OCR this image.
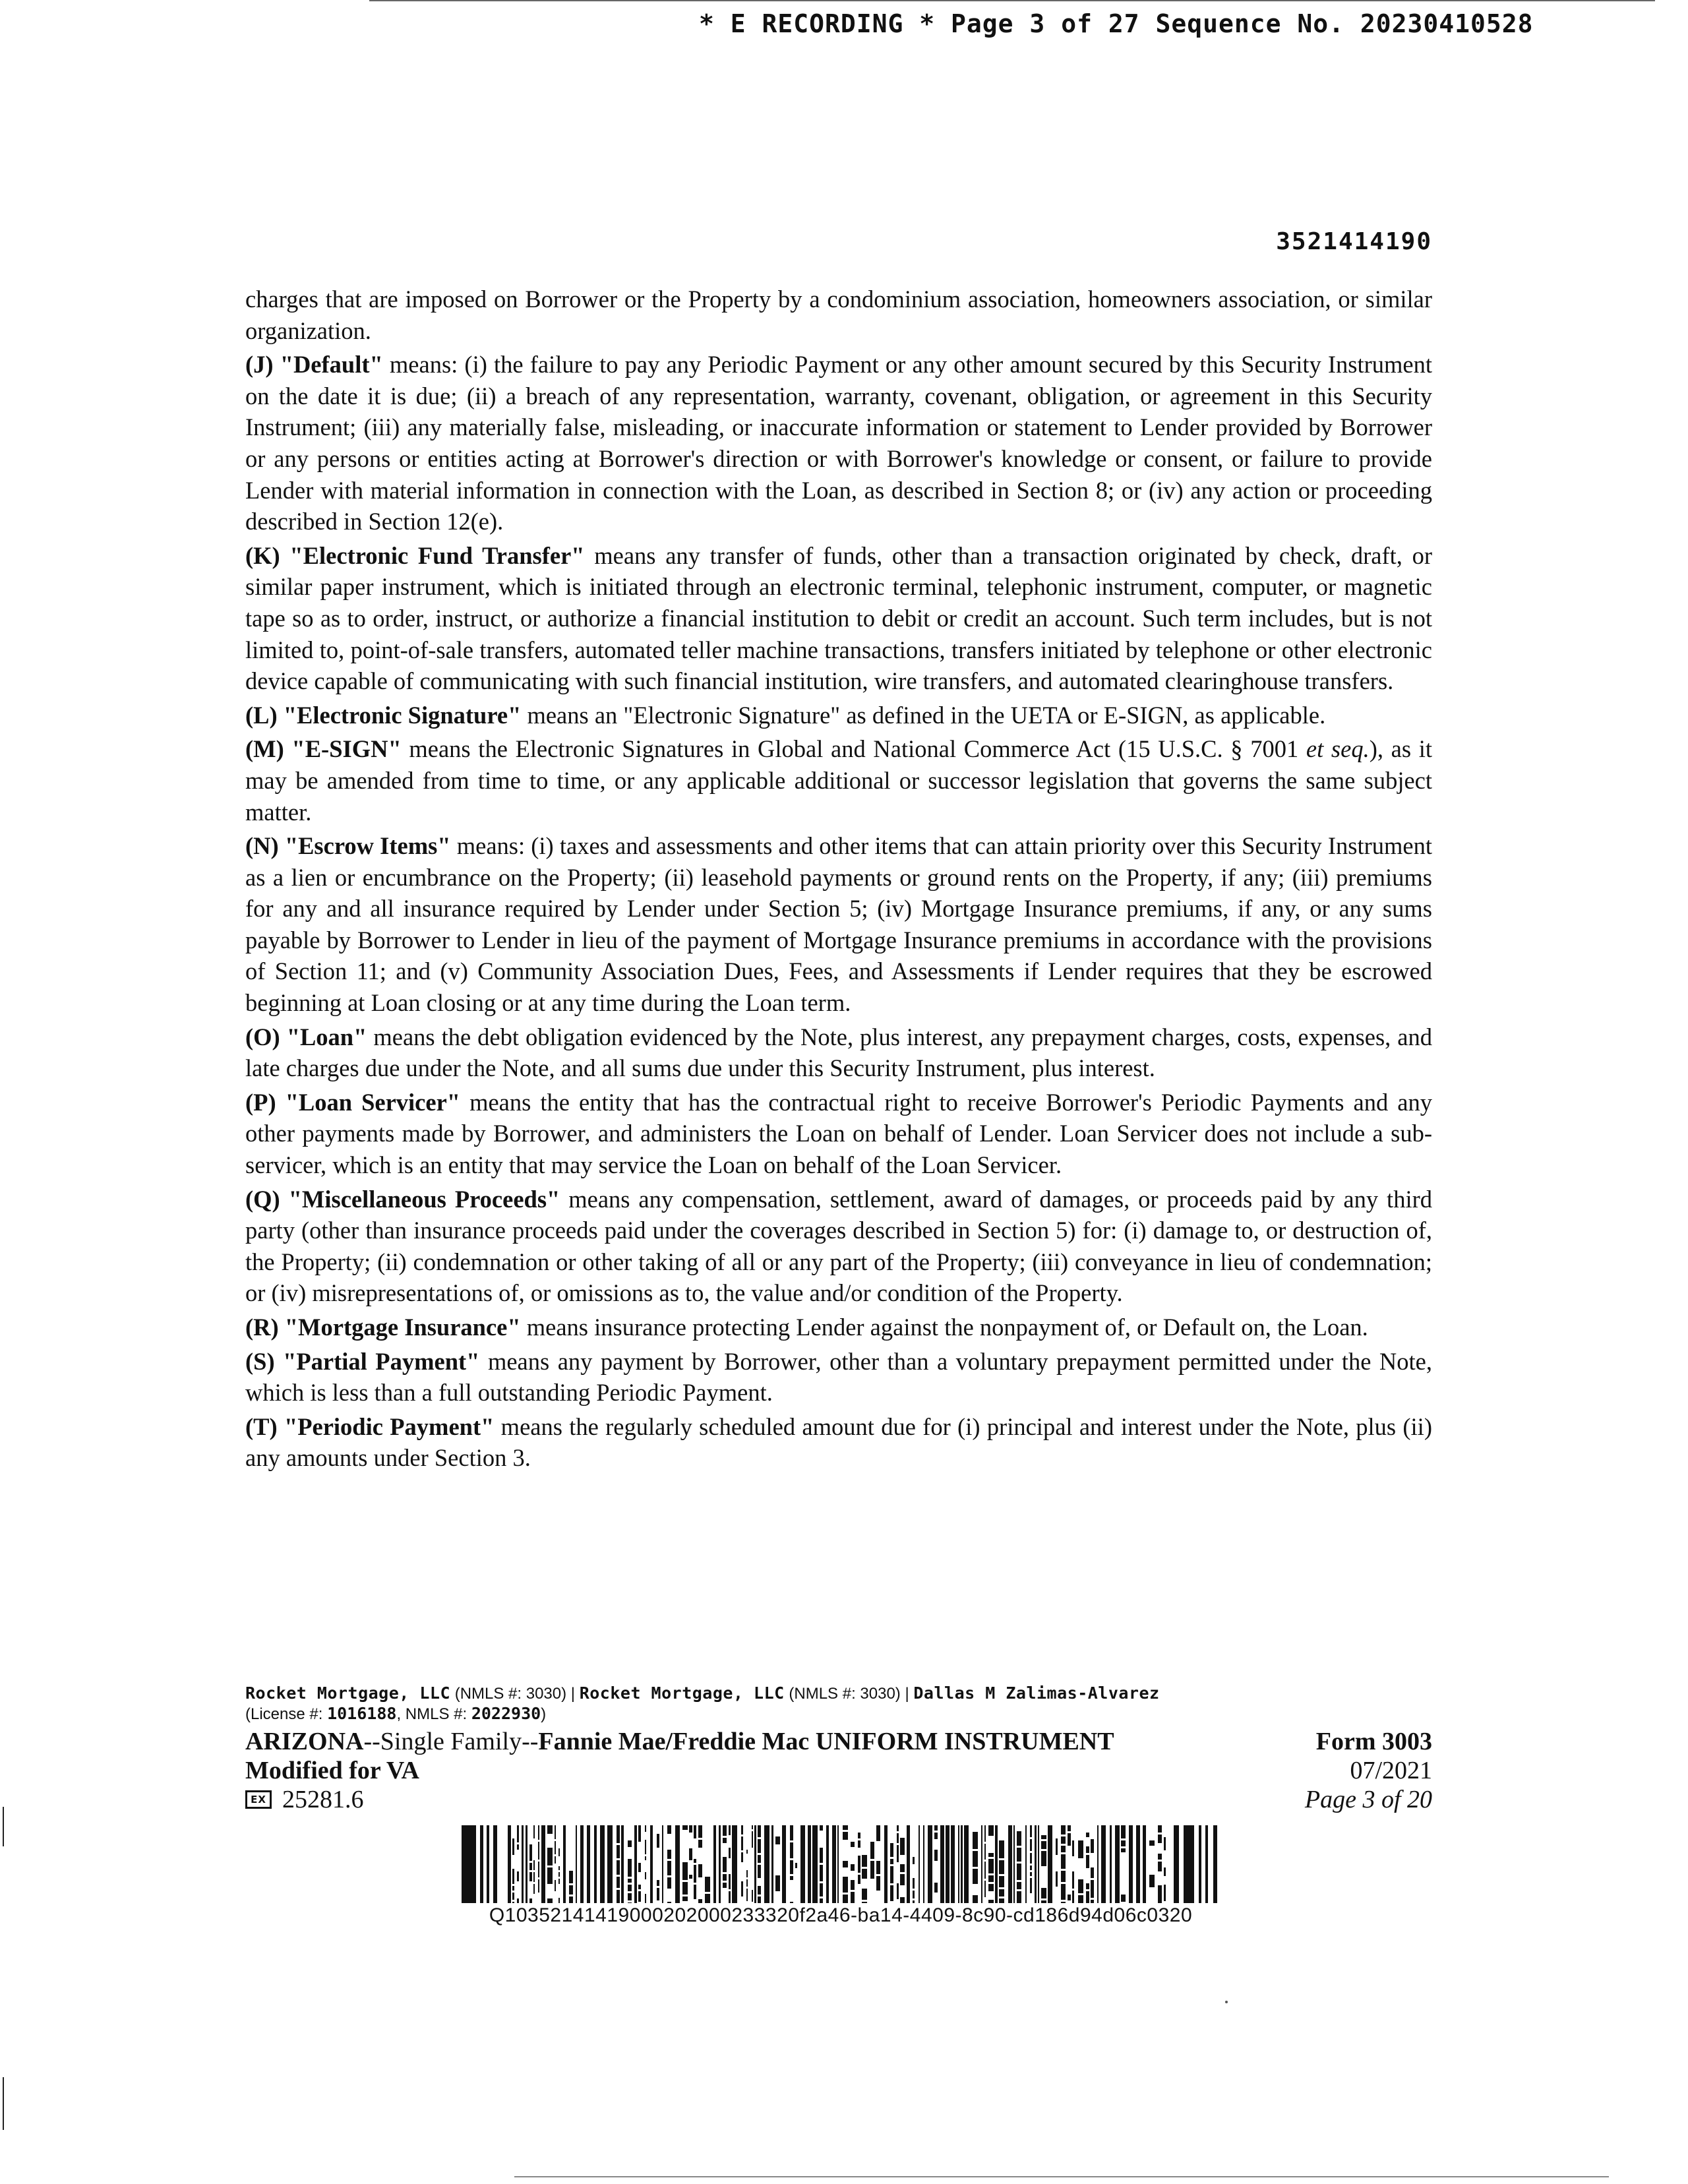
* E RECORDING * Page 3 of 27 Sequence No. 20230410528
3521414190

charges that are imposed on Borrower or the Property by a condominium association, homeowners association, or similar organization.

(J) "Default" means: (i) the failure to pay any Periodic Payment or any other amount secured by this Security Instrument on the date it is due; (ii) a breach of any representation, warranty, covenant, obligation, or agreement in this Security Instrument; (iii) any materially false, misleading, or inaccurate information or statement to Lender provided by Borrower or any persons or entities acting at Borrower's direction or with Borrower's knowledge or consent, or failure to provide Lender with material information in connection with the Loan, as described in Section 8; or (iv) any action or proceeding described in Section 12(e).

(K) "Electronic Fund Transfer" means any transfer of funds, other than a transaction originated by check, draft, or similar paper instrument, which is initiated through an electronic terminal, telephonic instrument, computer, or magnetic tape so as to order, instruct, or authorize a financial institution to debit or credit an account. Such term includes, but is not limited to, point-of-sale transfers, automated teller machine transactions, transfers initiated by telephone or other electronic device capable of communicating with such financial institution, wire transfers, and automated clearinghouse transfers.

(L) "Electronic Signature" means an "Electronic Signature" as defined in the UETA or E-SIGN, as applicable.

(M) "E-SIGN" means the Electronic Signatures in Global and National Commerce Act (15 U.S.C. § 7001 et seq.), as it may be amended from time to time, or any applicable additional or successor legislation that governs the same subject matter.

(N) "Escrow Items" means: (i) taxes and assessments and other items that can attain priority over this Security Instrument as a lien or encumbrance on the Property; (ii) leasehold payments or ground rents on the Property, if any; (iii) premiums for any and all insurance required by Lender under Section 5; (iv) Mortgage Insurance premiums, if any, or any sums payable by Borrower to Lender in lieu of the payment of Mortgage Insurance premiums in accordance with the provisions of Section 11; and (v) Community Association Dues, Fees, and Assessments if Lender requires that they be escrowed beginning at Loan closing or at any time during the Loan term.

(O) "Loan" means the debt obligation evidenced by the Note, plus interest, any prepayment charges, costs, expenses, and late charges due under the Note, and all sums due under this Security Instrument, plus interest.

(P) "Loan Servicer" means the entity that has the contractual right to receive Borrower's Periodic Payments and any other payments made by Borrower, and administers the Loan on behalf of Lender. Loan Servicer does not include a sub-servicer, which is an entity that may service the Loan on behalf of the Loan Servicer.

(Q) "Miscellaneous Proceeds" means any compensation, settlement, award of damages, or proceeds paid by any third party (other than insurance proceeds paid under the coverages described in Section 5) for: (i) damage to, or destruction of, the Property; (ii) condemnation or other taking of all or any part of the Property; (iii) conveyance in lieu of condemnation; or (iv) misrepresentations of, or omissions as to, the value and/or condition of the Property.

(R) "Mortgage Insurance" means insurance protecting Lender against the nonpayment of, or Default on, the Loan.

(S) "Partial Payment" means any payment by Borrower, other than a voluntary prepayment permitted under the Note, which is less than a full outstanding Periodic Payment.

(T) "Periodic Payment" means the regularly scheduled amount due for (i) principal and interest under the Note, plus (ii) any amounts under Section 3.

Rocket Mortgage, LLC (NMLS #: 3030) | Rocket Mortgage, LLC (NMLS #: 3030) | Dallas M Zalimas-Alvarez
(License #: 1016188, NMLS #: 2022930)
ARIZONA--Single Family--Fannie Mae/Freddie Mac UNIFORM INSTRUMENT
Modified for VA
EX 25281.6
Form 3003
07/2021
Page 3 of 20
Q10352141419000202000233320f2a46-ba14-4409-8c90-cd186d94d06c0320
